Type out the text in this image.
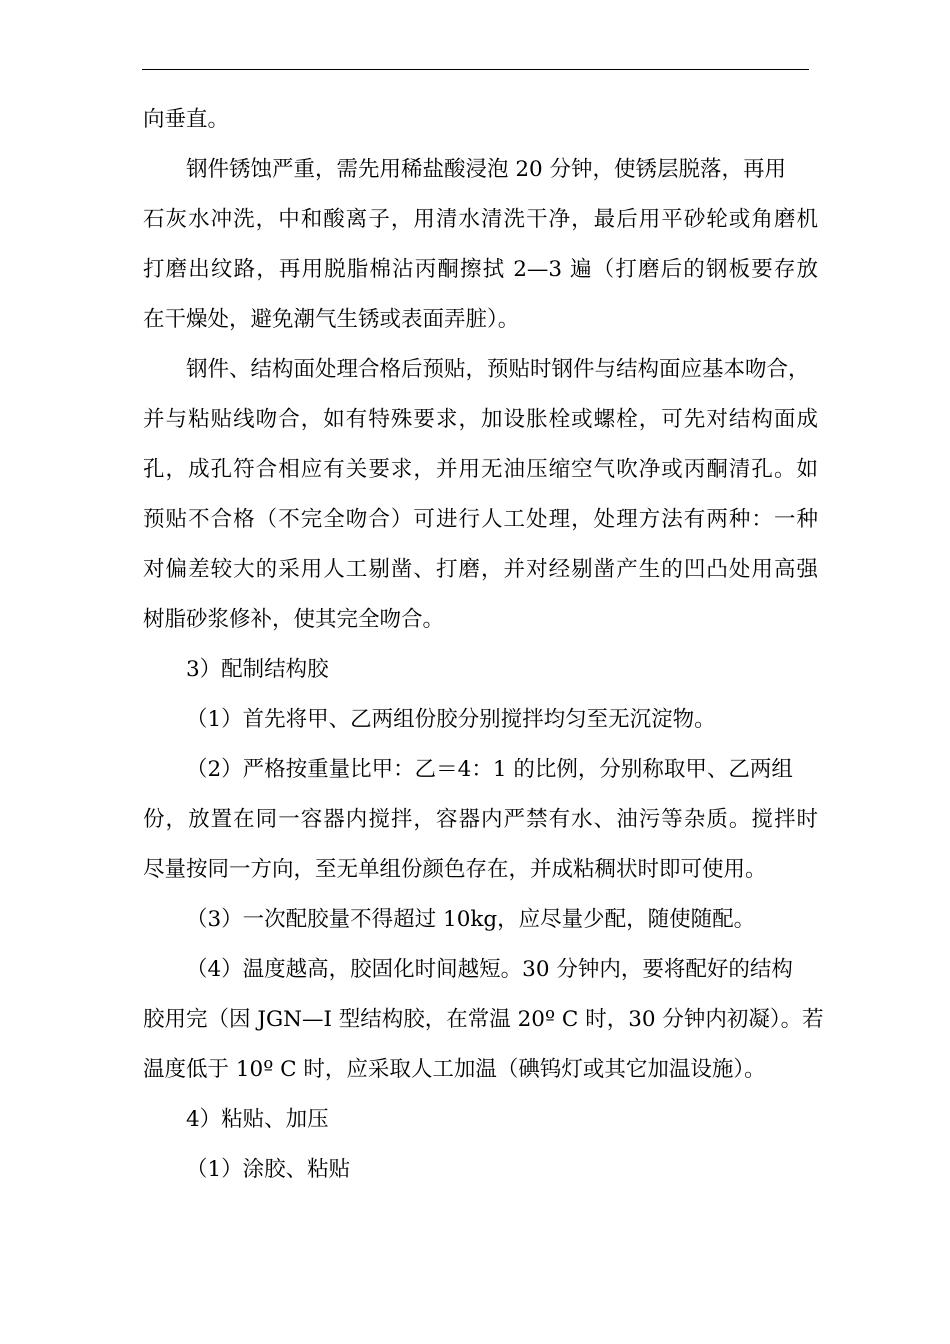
向垂直。
钢件锈蚀严重，需先用稀盐酸浸泡 20 分钟，使锈层脱落，再用
石灰水冲洗，中和酸离子，用清水清洗干净，最后用平砂轮或角磨机
打磨出纹路，再用脱脂棉沾丙酮擦拭 2—3 遍（打磨后的钢板要存放
在干燥处，避免潮气生锈或表面弄脏）。
钢件、结构面处理合格后预贴，预贴时钢件与结构面应基本吻合，
并与粘贴线吻合，如有特殊要求，加设胀栓或螺栓，可先对结构面成
孔，成孔符合相应有关要求，并用无油压缩空气吹净或丙酮清孔。如
预贴不合格（不完全吻合）可进行人工处理，处理方法有两种：一种
对偏差较大的采用人工剔凿、打磨，并对经剔凿产生的凹凸处用高强
树脂砂浆修补，使其完全吻合。
3）配制结构胶
（1）首先将甲、乙两组份胶分别搅拌均匀至无沉淀物。
（2）严格按重量比甲：乙＝4：1 的比例，分别称取甲、乙两组
份，放置在同一容器内搅拌，容器内严禁有水、油污等杂质。搅拌时
尽量按同一方向，至无单组份颜色存在，并成粘稠状时即可使用。
（3）一次配胶量不得超过 10kg，应尽量少配，随使随配。
（4）温度越高，胶固化时间越短。30 分钟内，要将配好的结构
胶用完（因 JGN—I 型结构胶，在常温 20º C 时，30 分钟内初凝）。若
温度低于 10º C 时，应采取人工加温（碘钨灯或其它加温设施）。
4）粘贴、加压
（1）涂胶、粘贴
